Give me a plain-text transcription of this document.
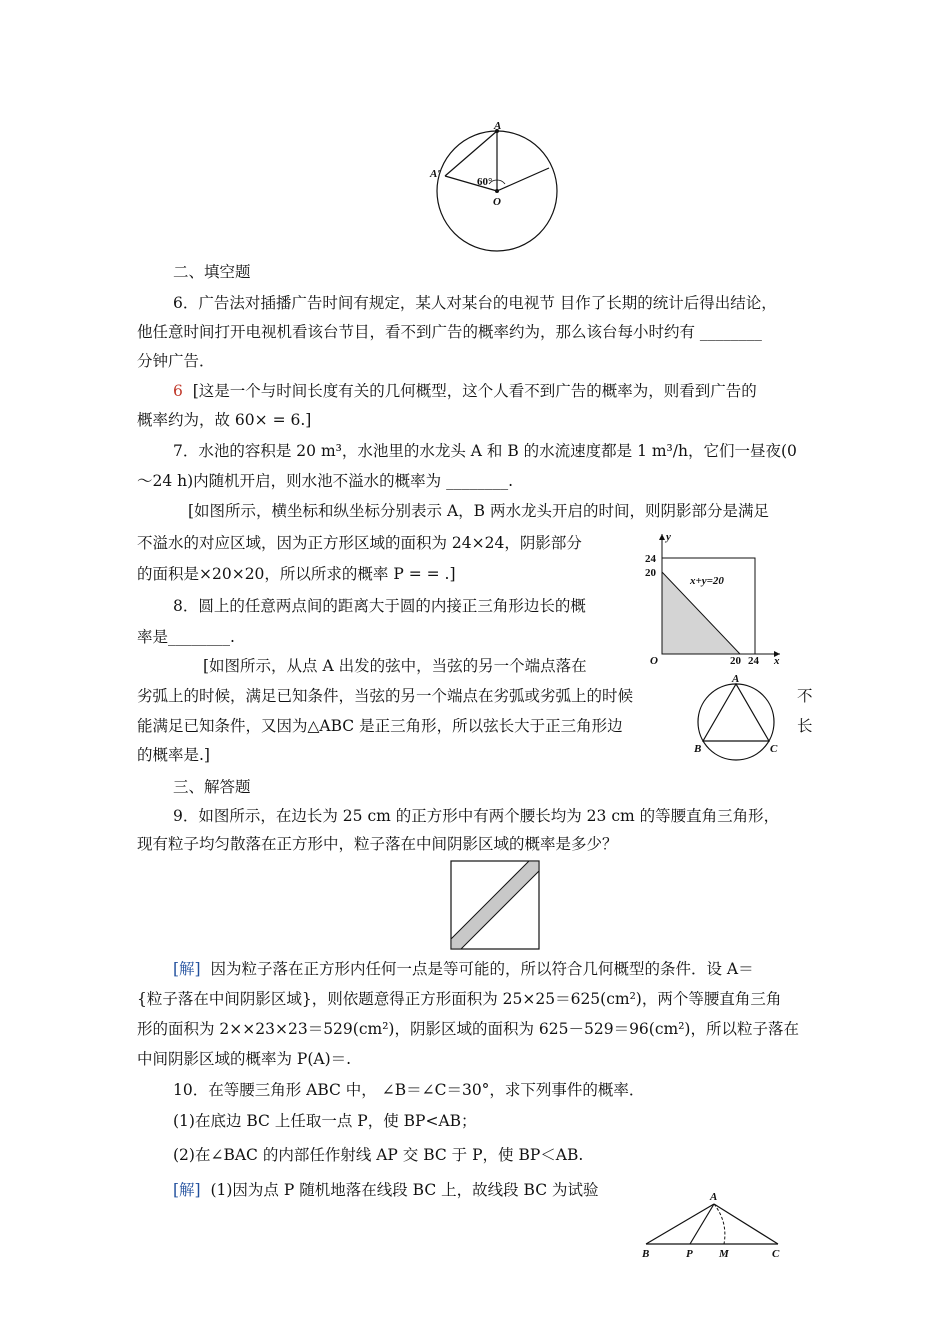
A
A′
60°
O
二、填空题
6．广告法对插播广告时间有规定，某人对某台的电视节 目作了长期的统计后得出结论，
他任意时间打开电视机看该台节目，看不到广告的概率约为，那么该台每小时约有 ________
分钟广告．
6 [这是一个与时间长度有关的几何概型，这个人看不到广告的概率为，则看到广告的
概率约为，故 60× = 6.]
7．水池的容积是 20 m³，水池里的水龙头 A 和 B 的水流速度都是 1 m³/h，它们一昼夜(0
～24 h)内随机开启，则水池不溢水的概率为 ________.
[如图所示，横坐标和纵坐标分别表示 A，B 两水龙头开启的时间，则阴影部分是满足
不溢水的对应区域，因为正方形区域的面积为 24×24，阴影部分
的面积是×20×20，所以所求的概率 P = = .]
y
x
O
24
20
20 24
x+y=20
8．圆上的任意两点间的距离大于圆的内接正三角形边长的概
率是________.
[如图所示，从点 A 出发的弦中，当弦的另一个端点落在
劣弧上的时候，满足已知条件，当弦的另一个端点在劣弧或劣弧上的时候	不
能满足已知条件，又因为△ABC 是正三角形，所以弦长大于正三角形边	长
的概率是.]
A
B	C
三、解答题
9．如图所示，在边长为 25 cm 的正方形中有两个腰长均为 23 cm 的等腰直角三角形，
现有粒子均匀散落在正方形中，粒子落在中间阴影区域的概率是多少？
[解] 因为粒子落在正方形内任何一点是等可能的，所以符合几何概型的条件．设 A＝
{粒子落在中间阴影区域}，则依题意得正方形面积为 25×25＝625(cm²)，两个等腰直角三角
形的面积为 2××23×23＝529(cm²)，阴影区域的面积为 625－529＝96(cm²)，所以粒子落在
中间阴影区域的概率为 P(A)＝.
10．在等腰三角形 ABC 中， ∠B＝∠C＝30°，求下列事件的概率．
(1)在底边 BC 上任取一点 P，使 BP<AB；
(2)在∠BAC 的内部任作射线 AP 交 BC 于 P，使 BP＜AB.
[解] (1)因为点 P 随机地落在线段 BC 上，故线段 BC 为试验	A
B	P M	C
